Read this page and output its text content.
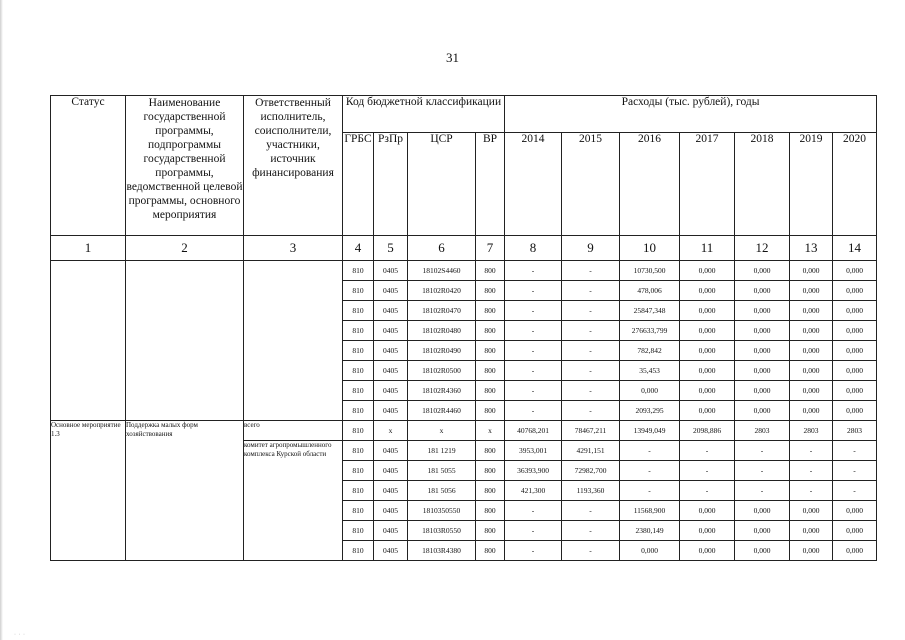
31
Статус	Наименование государственной программы, подпрограммы государственной программы, ведомственной целевой программы, основного мероприятия	Ответственный исполнитель, соисполнители, участники, источник финансирования	Код бюджетной классификации				Расходы (тыс. рублей), годы						
			ГРБС	РзПр	ЦСР	ВР	2014	2015	2016	2017	2018	2019	2020
1	2	3	4	5	6	7	8	9	10	11	12	13	14
			810	0405	18102S4460	800	-	-	10730,500	0,000	0,000	0,000	0,000
			810	0405	18102R0420	800	-	-	478,006	0,000	0,000	0,000	0,000
			810	0405	18102R0470	800	-	-	25847,348	0,000	0,000	0,000	0,000
			810	0405	18102R0480	800	-	-	276633,799	0,000	0,000	0,000	0,000
			810	0405	18102R0490	800	-	-	782,842	0,000	0,000	0,000	0,000
			810	0405	18102R0500	800	-	-	35,453	0,000	0,000	0,000	0,000
			810	0405	18102R4360	800	-	-	0,000	0,000	0,000	0,000	0,000
			810	0405	18102R4460	800	-	-	2093,295	0,000	0,000	0,000	0,000
Основное мероприятие 1.3	Поддержка малых форм хозяйствования	всего	810	x	x	x	40768,201	78467,211	13949,049	2098,886	2803	2803	2803
		комитет агропромышленного комплекса Курской области	810	0405	181 1219	800	3953,001	4291,151	-	-	-	-	-
			810	0405	181 5055	800	36393,900	72982,700	-	-	-	-	-
			810	0405	181 5056	800	421,300	1193,360	-	-	-	-	-
			810	0405	1810350550	800	-	-	11568,900	0,000	0,000	0,000	0,000
			810	0405	18103R0550	800	-	-	2380,149	0,000	0,000	0,000	0,000
			810	0405	18103R4380	800	-	-	0,000	0,000	0,000	0,000	0,000
· · ·
